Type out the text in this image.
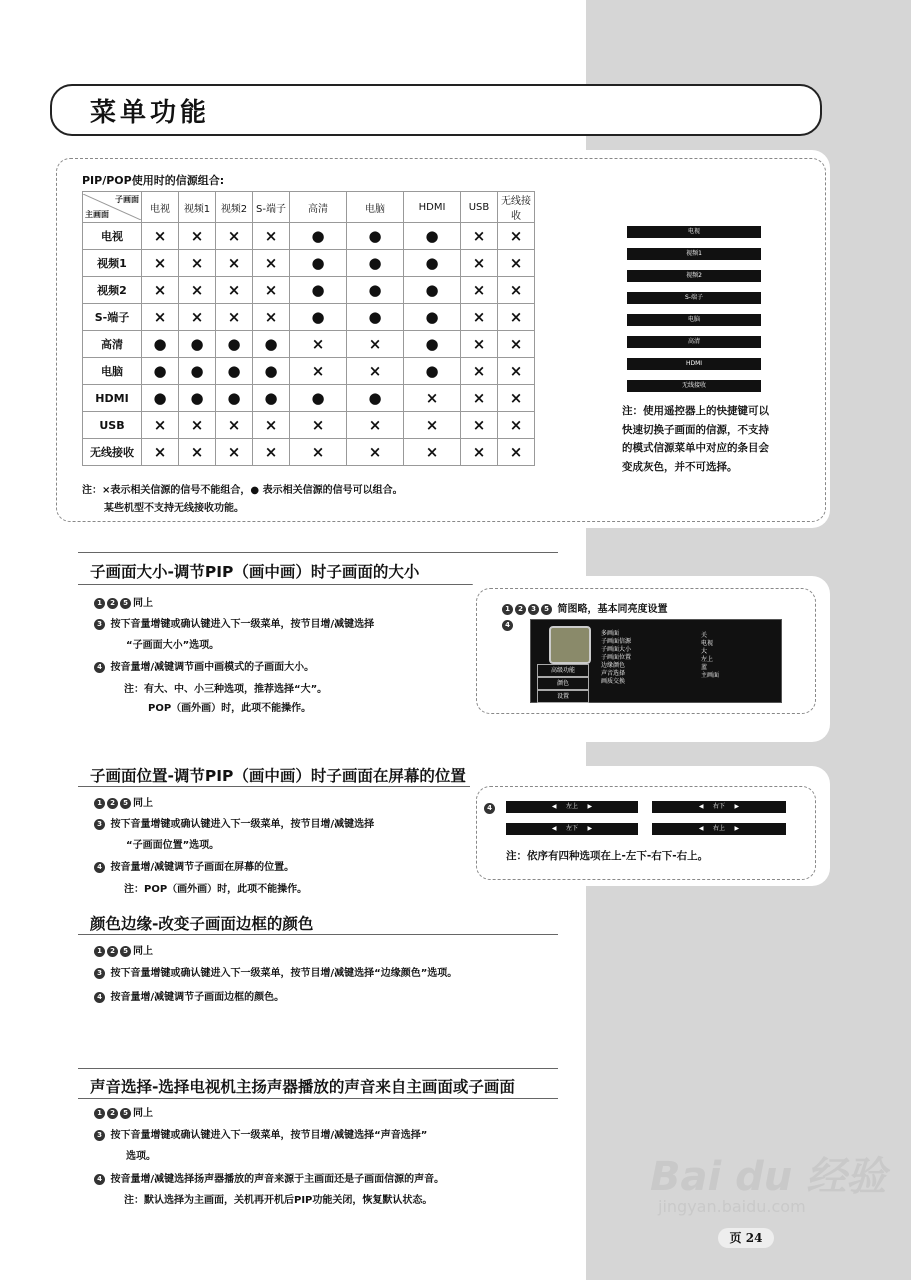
菜单功能
PIP/POP使用时的信源组合:
子画面
主画面	电视	视频1	视频2	S-端子	高清	电脑	HDMI	USB	无线接收
电视	×	×	×	×	●	●	●	×	×
视频1	×	×	×	×	●	●	●	×	×
视频2	×	×	×	×	●	●	●	×	×
S-端子	×	×	×	×	●	●	●	×	×
高清	●	●	●	●	×	×	●	×	×
电脑	●	●	●	●	×	×	●	×	×
HDMI	●	●	●	●	●	●	×	×	×
USB	×	×	×	×	×	×	×	×	×
无线接收	×	×	×	×	×	×	×	×	×
注：×表示相关信源的信号不能组合，● 表示相关信源的信号可以组合。
某些机型不支持无线接收功能。
电视
视频1
视频2
S-端子
电脑
高清
HDMI
无线接收
注：使用遥控器上的快捷键可以快速切换子画面的信源，不支持的模式信源菜单中对应的条目会变成灰色，并不可选择。
子画面大小-调节PIP（画中画）时子画面的大小
1 2 5 同上
3 按下音量增键或确认键进入下一级菜单，按节目增/减键选择
“子画面大小”选项。
4 按音量增/减键调节画中画模式的子画面大小。
注：有大、中、小三种选项，推荐选择“大”。
POP（画外画）时，此项不能操作。
1 2 3 5 简图略，基本同亮度设置
4
高级功能
颜色
设置
多画面
子画面信源
子画面大小
子画面位置
边缘颜色
声音选择
画质交换
关
电视
大
左上
蓝
主画面
子画面位置-调节PIP（画中画）时子画面在屏幕的位置
1 2 5 同上
3 按下音量增键或确认键进入下一级菜单，按节目增/减键选择
“子画面位置”选项。
4 按音量增/减键调节子画面在屏幕的位置。
注：POP（画外画）时，此项不能操作。
4	◀     左上     ▶	◀     右下     ▶
◀     左下     ▶	◀     右上     ▶
注：依序有四种选项在上-左下-右下-右上。
颜色边缘-改变子画面边框的颜色
1 2 5 同上
3 按下音量增键或确认键进入下一级菜单，按节目增/减键选择“边缘颜色”选项。
4 按音量增/减键调节子画面边框的颜色。
声音选择-选择电视机主扬声器播放的声音来自主画面或子画面
1 2 5 同上
3 按下音量增键或确认键进入下一级菜单，按节目增/减键选择“声音选择”
选项。
4 按音量增/减键选择扬声器播放的声音来源于主画面还是子画面信源的声音。
注：默认选择为主画面，关机再开机后PIP功能关闭，恢复默认状态。
Bai du 经验
jingyan.baidu.com
页 24
